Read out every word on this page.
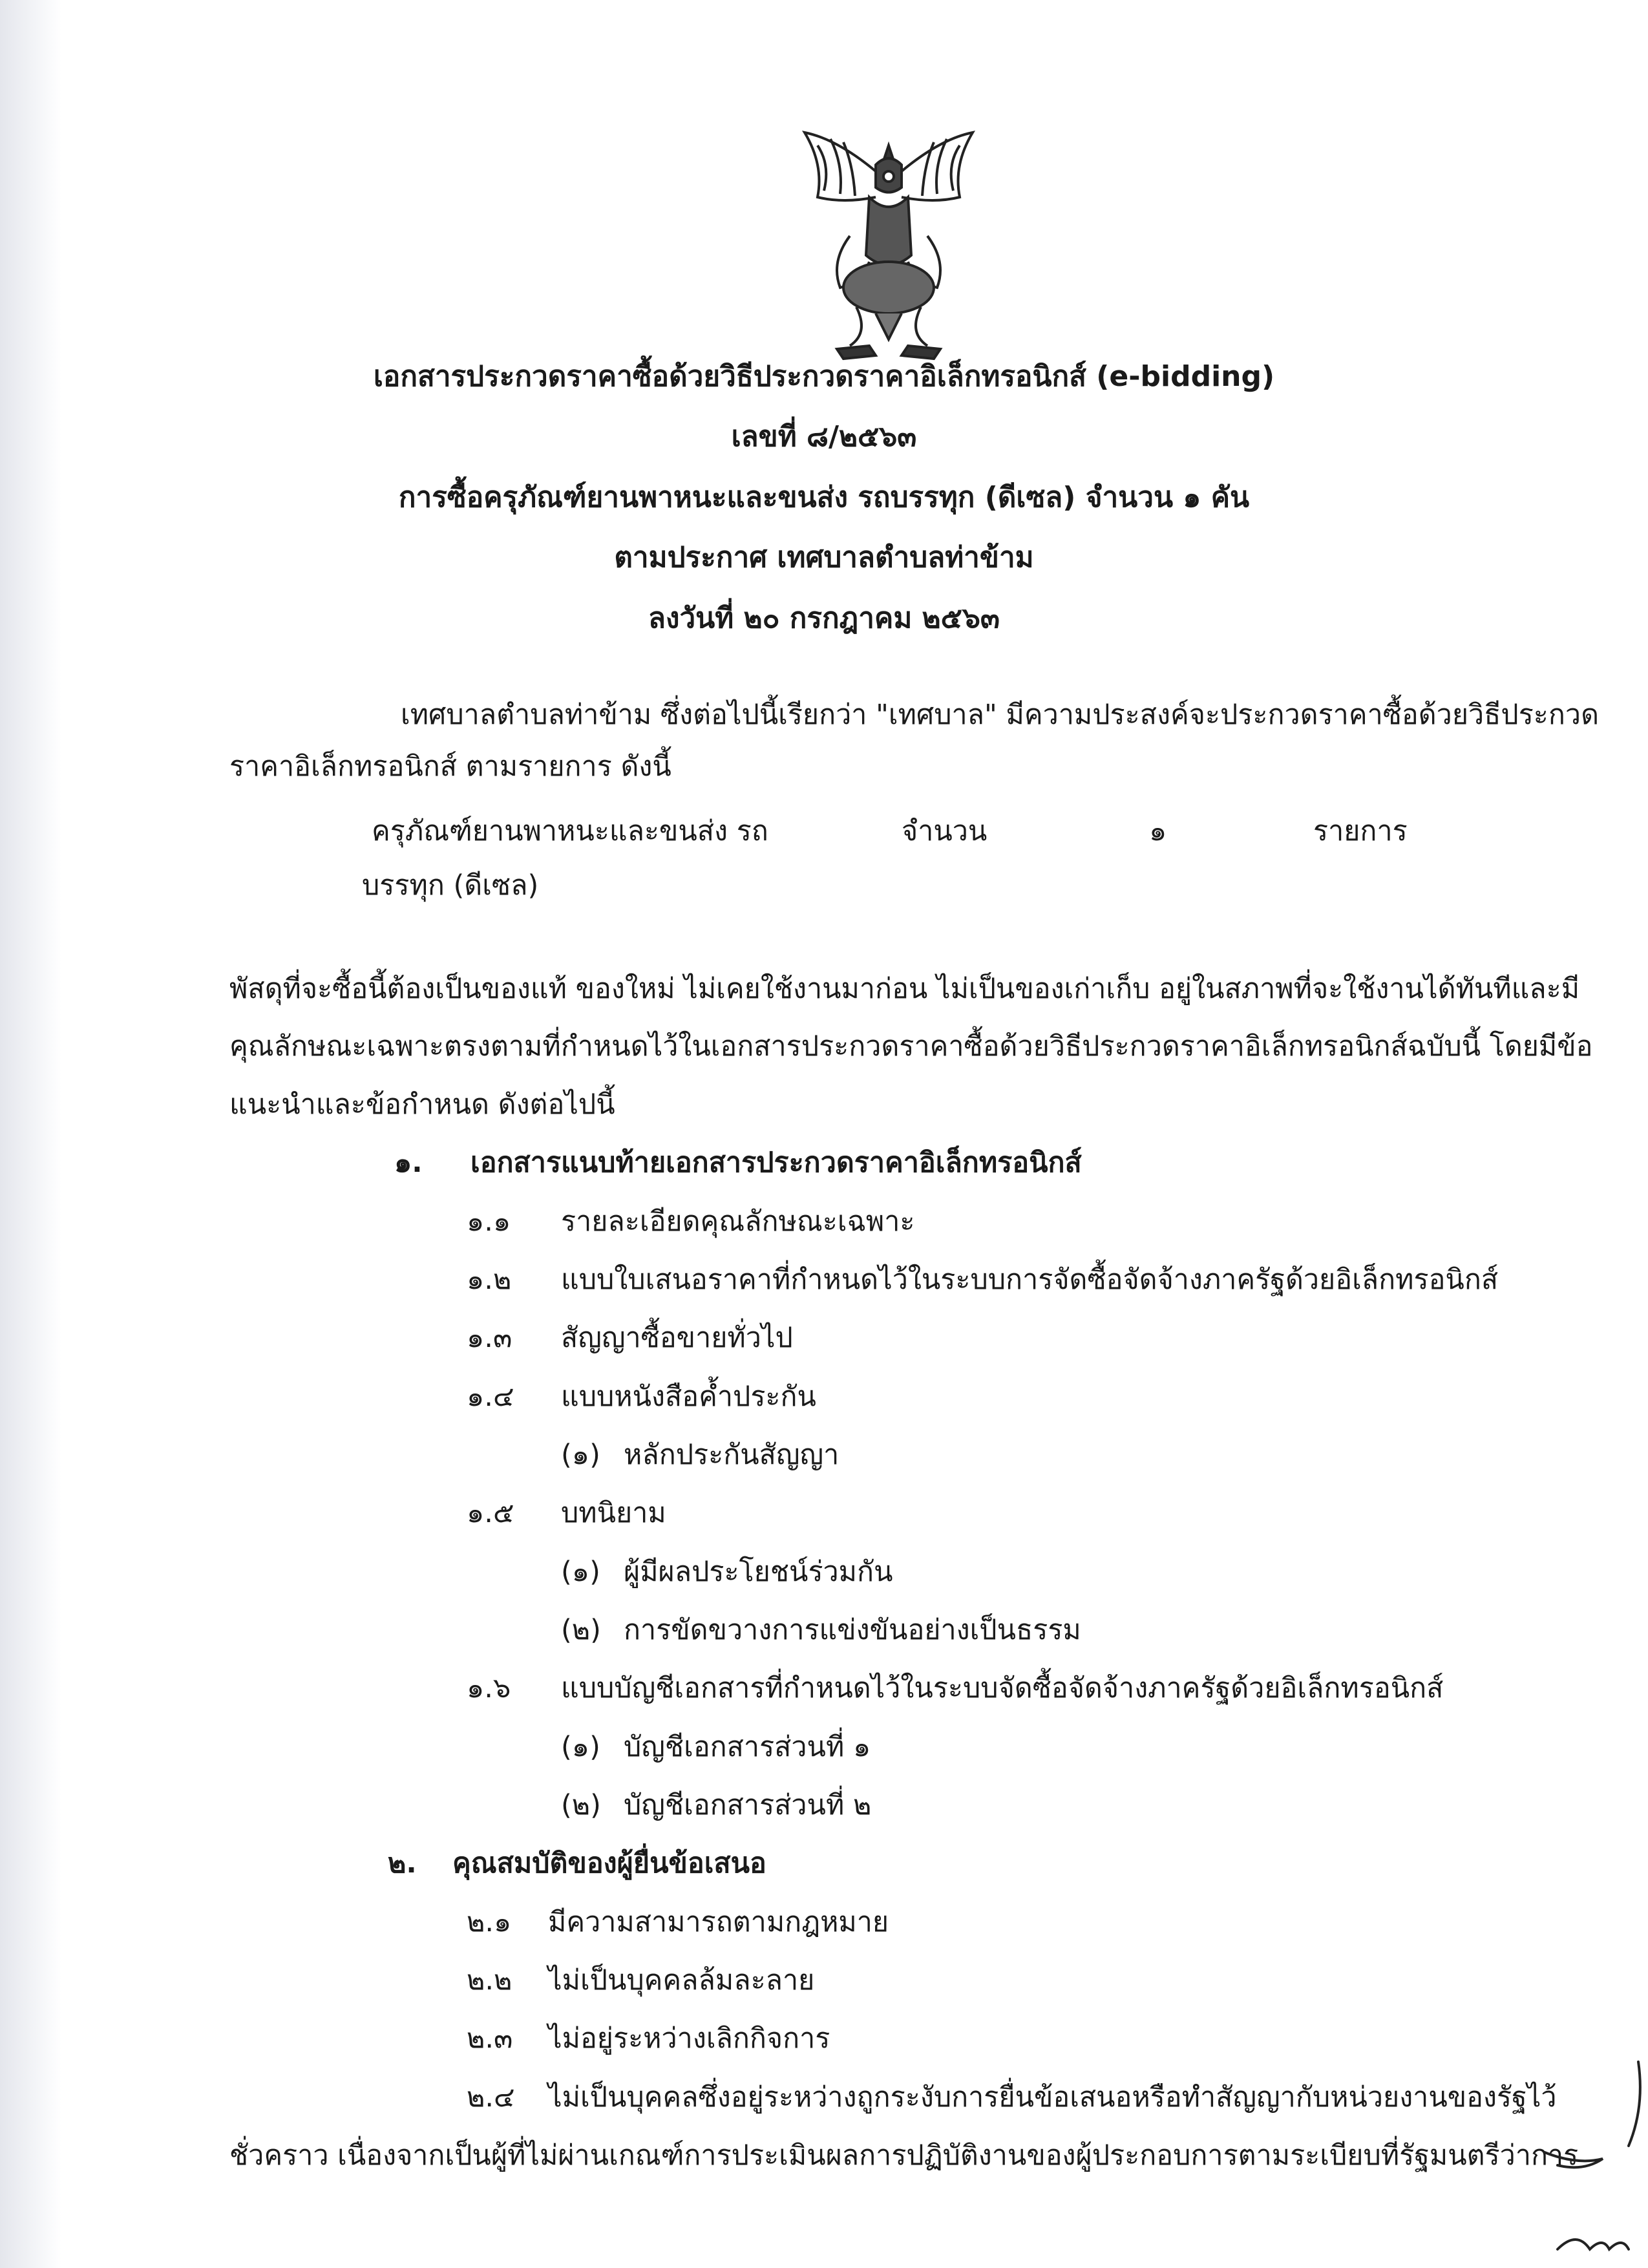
เอกสารประกวดราคาซื้อด้วยวิธีประกวดราคาอิเล็กทรอนิกส์ (e-bidding)
เลขที่ ๘/๒๕๖๓
การซื้อครุภัณฑ์ยานพาหนะและขนส่ง รถบรรทุก (ดีเซล) จำนวน ๑ คัน
ตามประกาศ เทศบาลตำบลท่าข้าม
ลงวันที่ ๒๐ กรกฎาคม ๒๕๖๓
เทศบาลตำบลท่าข้าม ซึ่งต่อไปนี้เรียกว่า "เทศบาล" มีความประสงค์จะประกวดราคาซื้อด้วยวิธีประกวด
ราคาอิเล็กทรอนิกส์ ตามรายการ ดังนี้
ครุภัณฑ์ยานพาหนะและขนส่ง รถ	จำนวน	๑	รายการ
บรรทุก (ดีเซล)
พัสดุที่จะซื้อนี้ต้องเป็นของแท้ ของใหม่ ไม่เคยใช้งานมาก่อน ไม่เป็นของเก่าเก็บ อยู่ในสภาพที่จะใช้งานได้ทันทีและมี
คุณลักษณะเฉพาะตรงตามที่กำหนดไว้ในเอกสารประกวดราคาซื้อด้วยวิธีประกวดราคาอิเล็กทรอนิกส์ฉบับนี้ โดยมีข้อ
แนะนำและข้อกำหนด ดังต่อไปนี้
๑. เอกสารแนบท้ายเอกสารประกวดราคาอิเล็กทรอนิกส์
๑.๑ รายละเอียดคุณลักษณะเฉพาะ
๑.๒ แบบใบเสนอราคาที่กำหนดไว้ในระบบการจัดซื้อจัดจ้างภาครัฐด้วยอิเล็กทรอนิกส์
๑.๓ สัญญาซื้อขายทั่วไป
๑.๔ แบบหนังสือค้ำประกัน
(๑) หลักประกันสัญญา
๑.๕ บทนิยาม
(๑) ผู้มีผลประโยชน์ร่วมกัน
(๒) การขัดขวางการแข่งขันอย่างเป็นธรรม
๑.๖ แบบบัญชีเอกสารที่กำหนดไว้ในระบบจัดซื้อจัดจ้างภาครัฐด้วยอิเล็กทรอนิกส์
(๑) บัญชีเอกสารส่วนที่ ๑
(๒) บัญชีเอกสารส่วนที่ ๒
๒. คุณสมบัติของผู้ยื่นข้อเสนอ
๒.๑ มีความสามารถตามกฎหมาย
๒.๒ ไม่เป็นบุคคลล้มละลาย
๒.๓ ไม่อยู่ระหว่างเลิกกิจการ
๒.๔ ไม่เป็นบุคคลซึ่งอยู่ระหว่างถูกระงับการยื่นข้อเสนอหรือทำสัญญากับหน่วยงานของรัฐไว้
ชั่วคราว เนื่องจากเป็นผู้ที่ไม่ผ่านเกณฑ์การประเมินผลการปฏิบัติงานของผู้ประกอบการตามระเบียบที่รัฐมนตรีว่าการ
